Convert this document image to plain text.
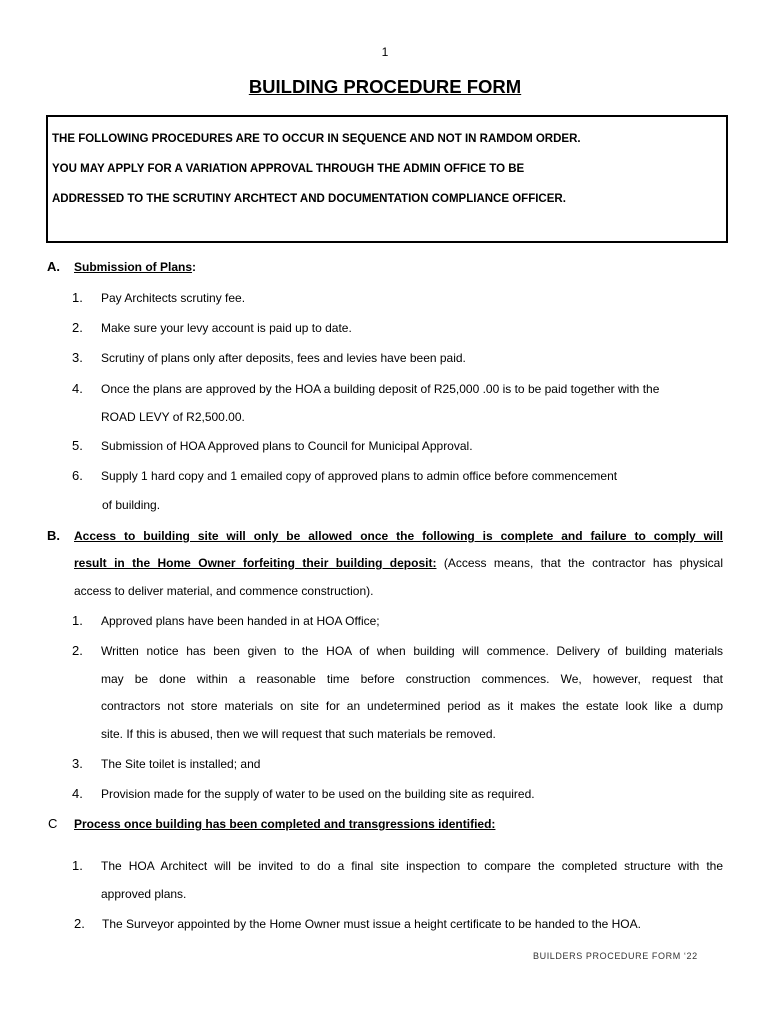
1
BUILDING PROCEDURE FORM
THE FOLLOWING PROCEDURES ARE TO OCCUR IN SEQUENCE AND NOT IN RAMDOM ORDER.
YOU MAY APPLY FOR A VARIATION APPROVAL THROUGH THE ADMIN OFFICE TO BE
ADDRESSED TO THE SCRUTINY ARCHTECT AND DOCUMENTATION COMPLIANCE OFFICER.
A. Submission of Plans:
1. Pay Architects scrutiny fee.
2. Make sure your levy account is paid up to date.
3. Scrutiny of plans only after deposits, fees and levies have been paid.
4. Once the plans are approved by the HOA a building deposit of R25,000 .00 is to be paid together with the
ROAD LEVY of R2,500.00.
5. Submission of HOA Approved plans to Council for Municipal Approval.
6. Supply 1 hard copy and 1 emailed copy of approved plans to admin office before commencement
of building.
B. Access to building site will only be allowed once the following is complete and failure to comply will
result in the Home Owner forfeiting their building deposit: (Access means, that the contractor has physical
access to deliver material, and commence construction).
1. Approved plans have been handed in at HOA Office;
2. Written notice has been given to the HOA of when building will commence. Delivery of building materials
may be done within a reasonable time before construction commences. We, however, request that
contractors not store materials on site for an undetermined period as it makes the estate look like a dump
site. If this is abused, then we will request that such materials be removed.
3. The Site toilet is installed; and
4. Provision made for the supply of water to be used on the building site as required.
C Process once building has been completed and transgressions identified:
1. The HOA Architect will be invited to do a final site inspection to compare the completed structure with the
approved plans.
2. The Surveyor appointed by the Home Owner must issue a height certificate to be handed to the HOA.
BUILDERS PROCEDURE FORM ‘22
